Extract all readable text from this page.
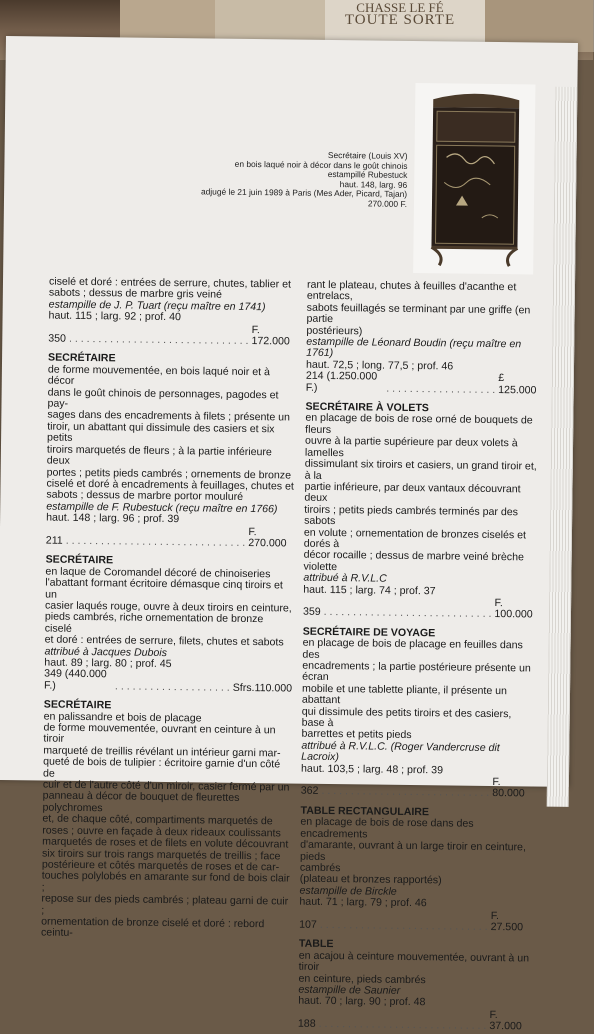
CHASSE LE FÉ
TOUTE SORTE
Secrétaire (Louis XV)
en bois laqué noir à décor dans le goût chinois
estampillé Rubestuck
haut. 148, larg. 96
adjugé le 21 juin 1989 à Paris (Mes Ader, Picard, Tajan)
270.000 F.

ciselé et doré : entrées de serrure, chutes, tablier et

sabots ; dessus de marbre gris veiné

estampille de J. P. Tuart (reçu maître en 1741)

haut. 115 ; larg. 92 ; prof. 40

350 . . . . . . . . . . . . . . . . . . . . . . . . . . . . . . .
F. 172.000

SECRÉTAIRE

de forme mouvementée, en bois laqué noir et à décor

dans le goût chinois de personnages, pagodes et pay-

sages dans des encadrements à filets ; présente un

tiroir, un abattant qui dissimule des casiers et six petits

tiroirs marquetés de fleurs ; à la partie inférieure deux

portes ; petits pieds cambrés ; ornements de bronze

ciselé et doré à encadrements à feuillages, chutes et

sabots ; dessus de marbre portor mouluré

estampille de F. Rubestuck (reçu maître en 1766)

haut. 148 ; larg. 96 ; prof. 39

211 . . . . . . . . . . . . . . . . . . . . . . . . . . . . . . .
F. 270.000

SECRÉTAIRE

en laque de Coromandel décoré de chinoiseries

l'abattant formant écritoire démasque cinq tiroirs et un

casier laqués rouge, ouvre à deux tiroirs en ceinture,

pieds cambrés, riche ornementation de bronze ciselé

et doré : entrées de serrure, filets, chutes et sabots

attribué à Jacques Dubois

haut. 89 ; larg. 80 ; prof. 45

349 (440.000 F.)	. . . . . . . . . . . . . . . . . . . . Sfrs.110.000

SECRÉTAIRE

en palissandre et bois de placage

de forme mouvementée, ouvrant en ceinture à un tiroir

marqueté de treillis révélant un intérieur garni mar-

queté de bois de tulipier : écritoire garnie d'un côté de

cuir et de l'autre côté d'un miroir, casier fermé par un

panneau à décor de bouquet de fleurettes polychromes

et, de chaque côté, compartiments marquetés de

roses ; ouvre en façade à deux rideaux coulissants

marquetés de roses et de filets en volute découvrant

six tiroirs sur trois rangs marquetés de treillis ; face

postérieure et côtés marquetés de roses et de car-

touches polylobés en amarante sur fond de bois clair ;

repose sur des pieds cambrés ; plateau garni de cuir ;

ornementation de bronze ciselé et doré : rebord ceintu-

rant le plateau, chutes à feuilles d'acanthe et entrelacs,

sabots feuillagés se terminant par une griffe (en partie

postérieurs)

estampille de Léonard Boudin (reçu maître en 1761)

haut. 72,5 ; long. 77,5 ; prof. 46

214 (1.250.000 F.)	. . . . . . . . . . . . . . . . . . .
£ 125.000

SECRÉTAIRE À VOLETS

en placage de bois de rose orné de bouquets de fleurs

ouvre à la partie supérieure par deux volets à lamelles

dissimulant six tiroirs et casiers, un grand tiroir et, à la

partie inférieure, par deux vantaux découvrant deux

tiroirs ; petits pieds cambrés terminés par des sabots

en volute ; ornementation de bronzes ciselés et dorés à

décor rocaille ; dessus de marbre veiné brèche violette

attribué à R.V.L.C

haut. 115 ; larg. 74 ; prof. 37

359 . . . . . . . . . . . . . . . . . . . . . . . . . . . . .
F. 100.000

SECRÉTAIRE DE VOYAGE

en placage de bois de placage en feuilles dans des

encadrements ; la partie postérieure présente un écran

mobile et une tablette pliante, il présente un abattant

qui dissimule des petits tiroirs et des casiers, base à

barrettes et petits pieds

attribué à R.V.L.C. (Roger Vandercruse dit Lacroix)

haut. 103,5 ; larg. 48 ; prof. 39

362 . . . . . . . . . . . . . . . . . . . . . . . . . . . . .
F. 80.000

TABLE RECTANGULAIRE

en placage de bois de rose dans des encadrements

d'amarante, ouvrant à un large tiroir en ceinture, pieds

cambrés

(plateau et bronzes rapportés)

estampille de Birckle

haut. 71 ; larg. 79 ; prof. 46

107 . . . . . . . . . . . . . . . . . . . . . . . . . . . . .
F. 27.500

TABLE

en acajou à ceinture mouvementée, ouvrant à un tiroir

en ceinture, pieds cambrés

estampille de Saunier

haut. 70 ; larg. 90 ; prof. 48

188 . . . . . . . . . . . . . . . . . . . . . . . . . . . . .
F. 37.000
